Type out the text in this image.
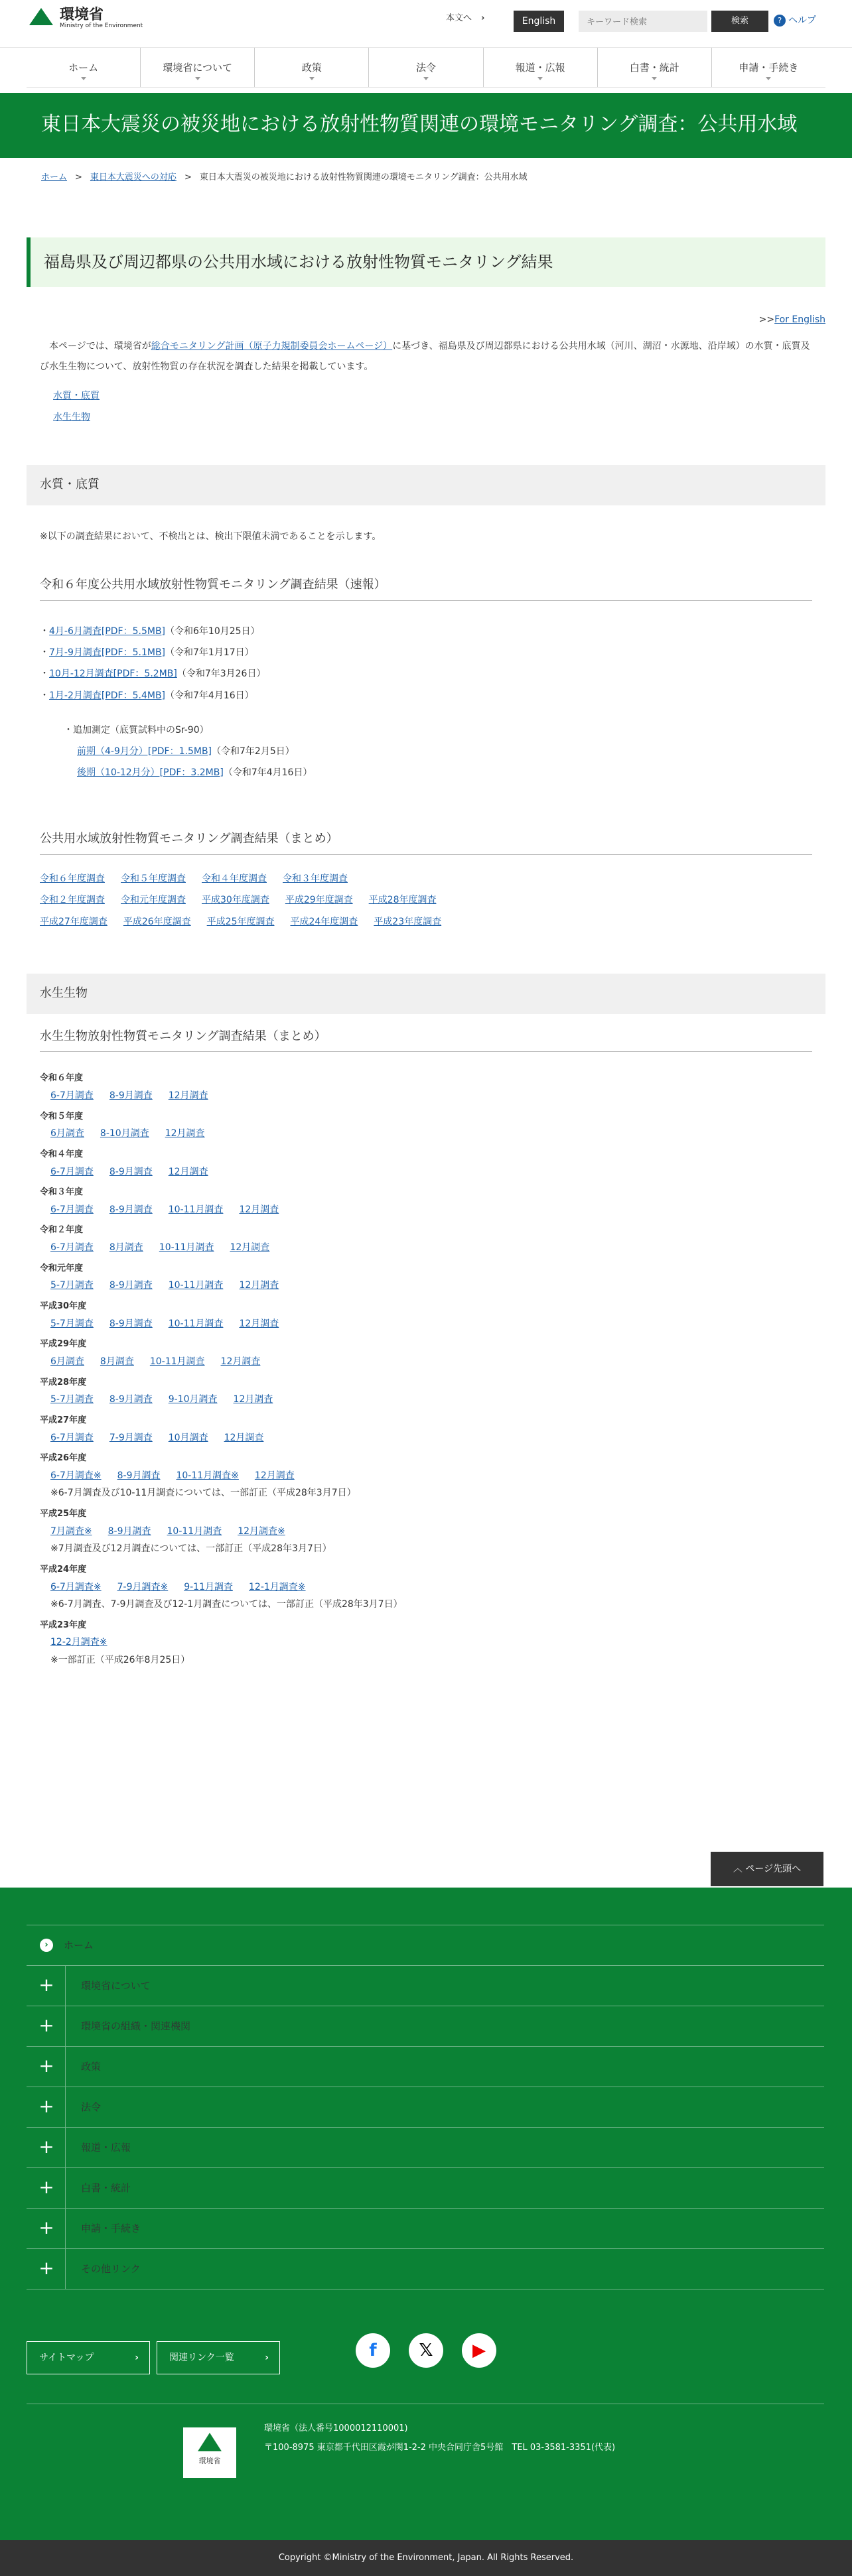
環境省
Ministry of the Environment
本文へ ›	English
キーワード検索	検索	? ヘルプ
ホーム	環境省について	政策	法令	報道・広報	白書・統計	申請・手続き
東日本大震災の被災地における放射性物質関連の環境モニタリング調査：公共用水域
ホーム > 東日本大震災への対応 > 東日本大震災の被災地における放射性物質関連の環境モニタリング調査：公共用水域
福島県及び周辺都県の公共用水域における放射性物質モニタリング結果
>>For English

　本ページでは、環境省が総合モニタリング計画（原子力規制委員会ホームページ）に基づき、福島県及び周辺都県における公共用水域（河川、湖沼・水源地、沿岸域）の水質・底質及び水生生物について、放射性物質の存在状況を調査した結果を掲載しています。

水質・底質
水生生物
水質・底質

※以下の調査結果において、不検出とは、検出下限値未満であることを示します。

令和６年度公共用水域放射性物質モニタリング調査結果（速報）
・4月-6月調査[PDF：5.5MB]（令和6年10月25日）
・7月-9月調査[PDF：5.1MB]（令和7年1月17日）
・10月-12月調査[PDF：5.2MB]（令和7年3月26日）
・1月-2月調査[PDF：5.4MB]（令和7年4月16日）
・追加測定（底質試料中のSr-90）
前期（4-9月分）[PDF：1.5MB]（令和7年2月5日）
後期（10-12月分）[PDF：3.2MB]（令和7年4月16日）
公共用水域放射性物質モニタリング調査結果（まとめ）
令和６年度調査 令和５年度調査 令和４年度調査 令和３年度調査
令和２年度調査 令和元年度調査 平成30年度調査 平成29年度調査 平成28年度調査
平成27年度調査 平成26年度調査 平成25年度調査 平成24年度調査 平成23年度調査
水生生物
水生生物放射性物質モニタリング調査結果（まとめ）
令和６年度
6-7月調査 8-9月調査 12月調査
令和５年度
6月調査 8-10月調査 12月調査
令和４年度
6-7月調査 8-9月調査 12月調査
令和３年度
6-7月調査 8-9月調査 10-11月調査 12月調査
令和２年度
6-7月調査 8月調査 10-11月調査 12月調査
令和元年度
5-7月調査 8-9月調査 10-11月調査 12月調査
平成30年度
5-7月調査 8-9月調査 10-11月調査 12月調査
平成29年度
6月調査 8月調査 10-11月調査 12月調査
平成28年度
5-7月調査 8-9月調査 9-10月調査 12月調査
平成27年度
6-7月調査 7-9月調査 10月調査 12月調査
平成26年度
6-7月調査※ 8-9月調査 10-11月調査※ 12月調査
※6-7月調査及び10-11月調査については、一部訂正（平成28年3月7日）
平成25年度
7月調査※ 8-9月調査 10-11月調査 12月調査※
※7月調査及び12月調査については、一部訂正（平成28年3月7日）
平成24年度
6-7月調査※ 7-9月調査※ 9-11月調査 12-1月調査※
※6-7月調査、7-9月調査及び12-1月調査については、一部訂正（平成28年3月7日）
平成23年度
12-2月調査※
※一部訂正（平成26年8月25日）
︿ ページ先頭へ
›	ホーム
+	環境省について
+	環境省の組織・関連機関
+	政策
+	法令
+	報道・広報
+	白書・統計
+	申請・手続き
+	その他リンク
サイトマップ	›	関連リンク一覧	›	f	𝕏	▶
環境省
環境省（法人番号1000012110001)
〒100-8975 東京都千代田区霞が関1-2-2 中央合同庁舎5号館　TEL 03-3581-3351(代表)
Copyright ©Ministry of the Environment, Japan. All Rights Reserved.
